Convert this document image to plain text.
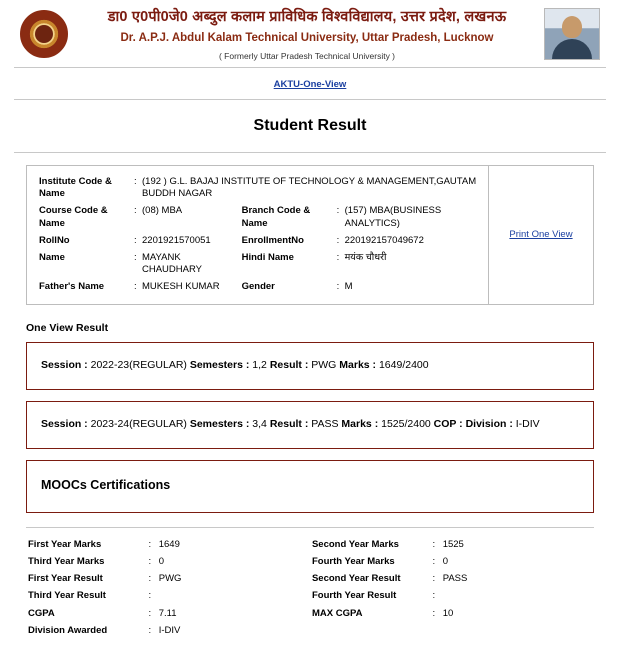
डा0 ए0पी0जे0 अब्दुल कलाम प्राविधिक विश्वविद्यालय, उत्तर प्रदेश, लखनऊ
Dr. A.P.J. Abdul Kalam Technical University, Uttar Pradesh, Lucknow
( Formerly Uttar Pradesh Technical University )
AKTU-One-View
Student Result
Institute Code & Name	:	(192 ) G.L. BAJAJ INSTITUTE OF TECHNOLOGY & MANAGEMENT,GAUTAM BUDDH NAGAR			
Course Code & Name	:	(08) MBA	Branch Code & Name	:	(157) MBA(BUSINESS ANALYTICS)
RollNo	:	2201921570051	EnrollmentNo	:	220192157049672
Name	:	MAYANK CHAUDHARY	Hindi Name	:	मयंक चौधरी
Father's Name	:	MUKESH KUMAR	Gender	:	M
Print One View
One View Result
Session : 2022-23(REGULAR) Semesters : 1,2 Result : PWG Marks : 1649/2400
Session : 2023-24(REGULAR) Semesters : 3,4 Result : PASS Marks : 1525/2400 COP : Division : I-DIV
MOOCs Certifications
First Year Marks	:	1649	Second Year Marks	:	1525
Third Year Marks	:	0	Fourth Year Marks	:	0
First Year Result	:	PWG	Second Year Result	:	PASS
Third Year Result	:		Fourth Year Result	:	
CGPA	:	7.11	MAX CGPA	:	10
Division Awarded	:	I-DIV			
